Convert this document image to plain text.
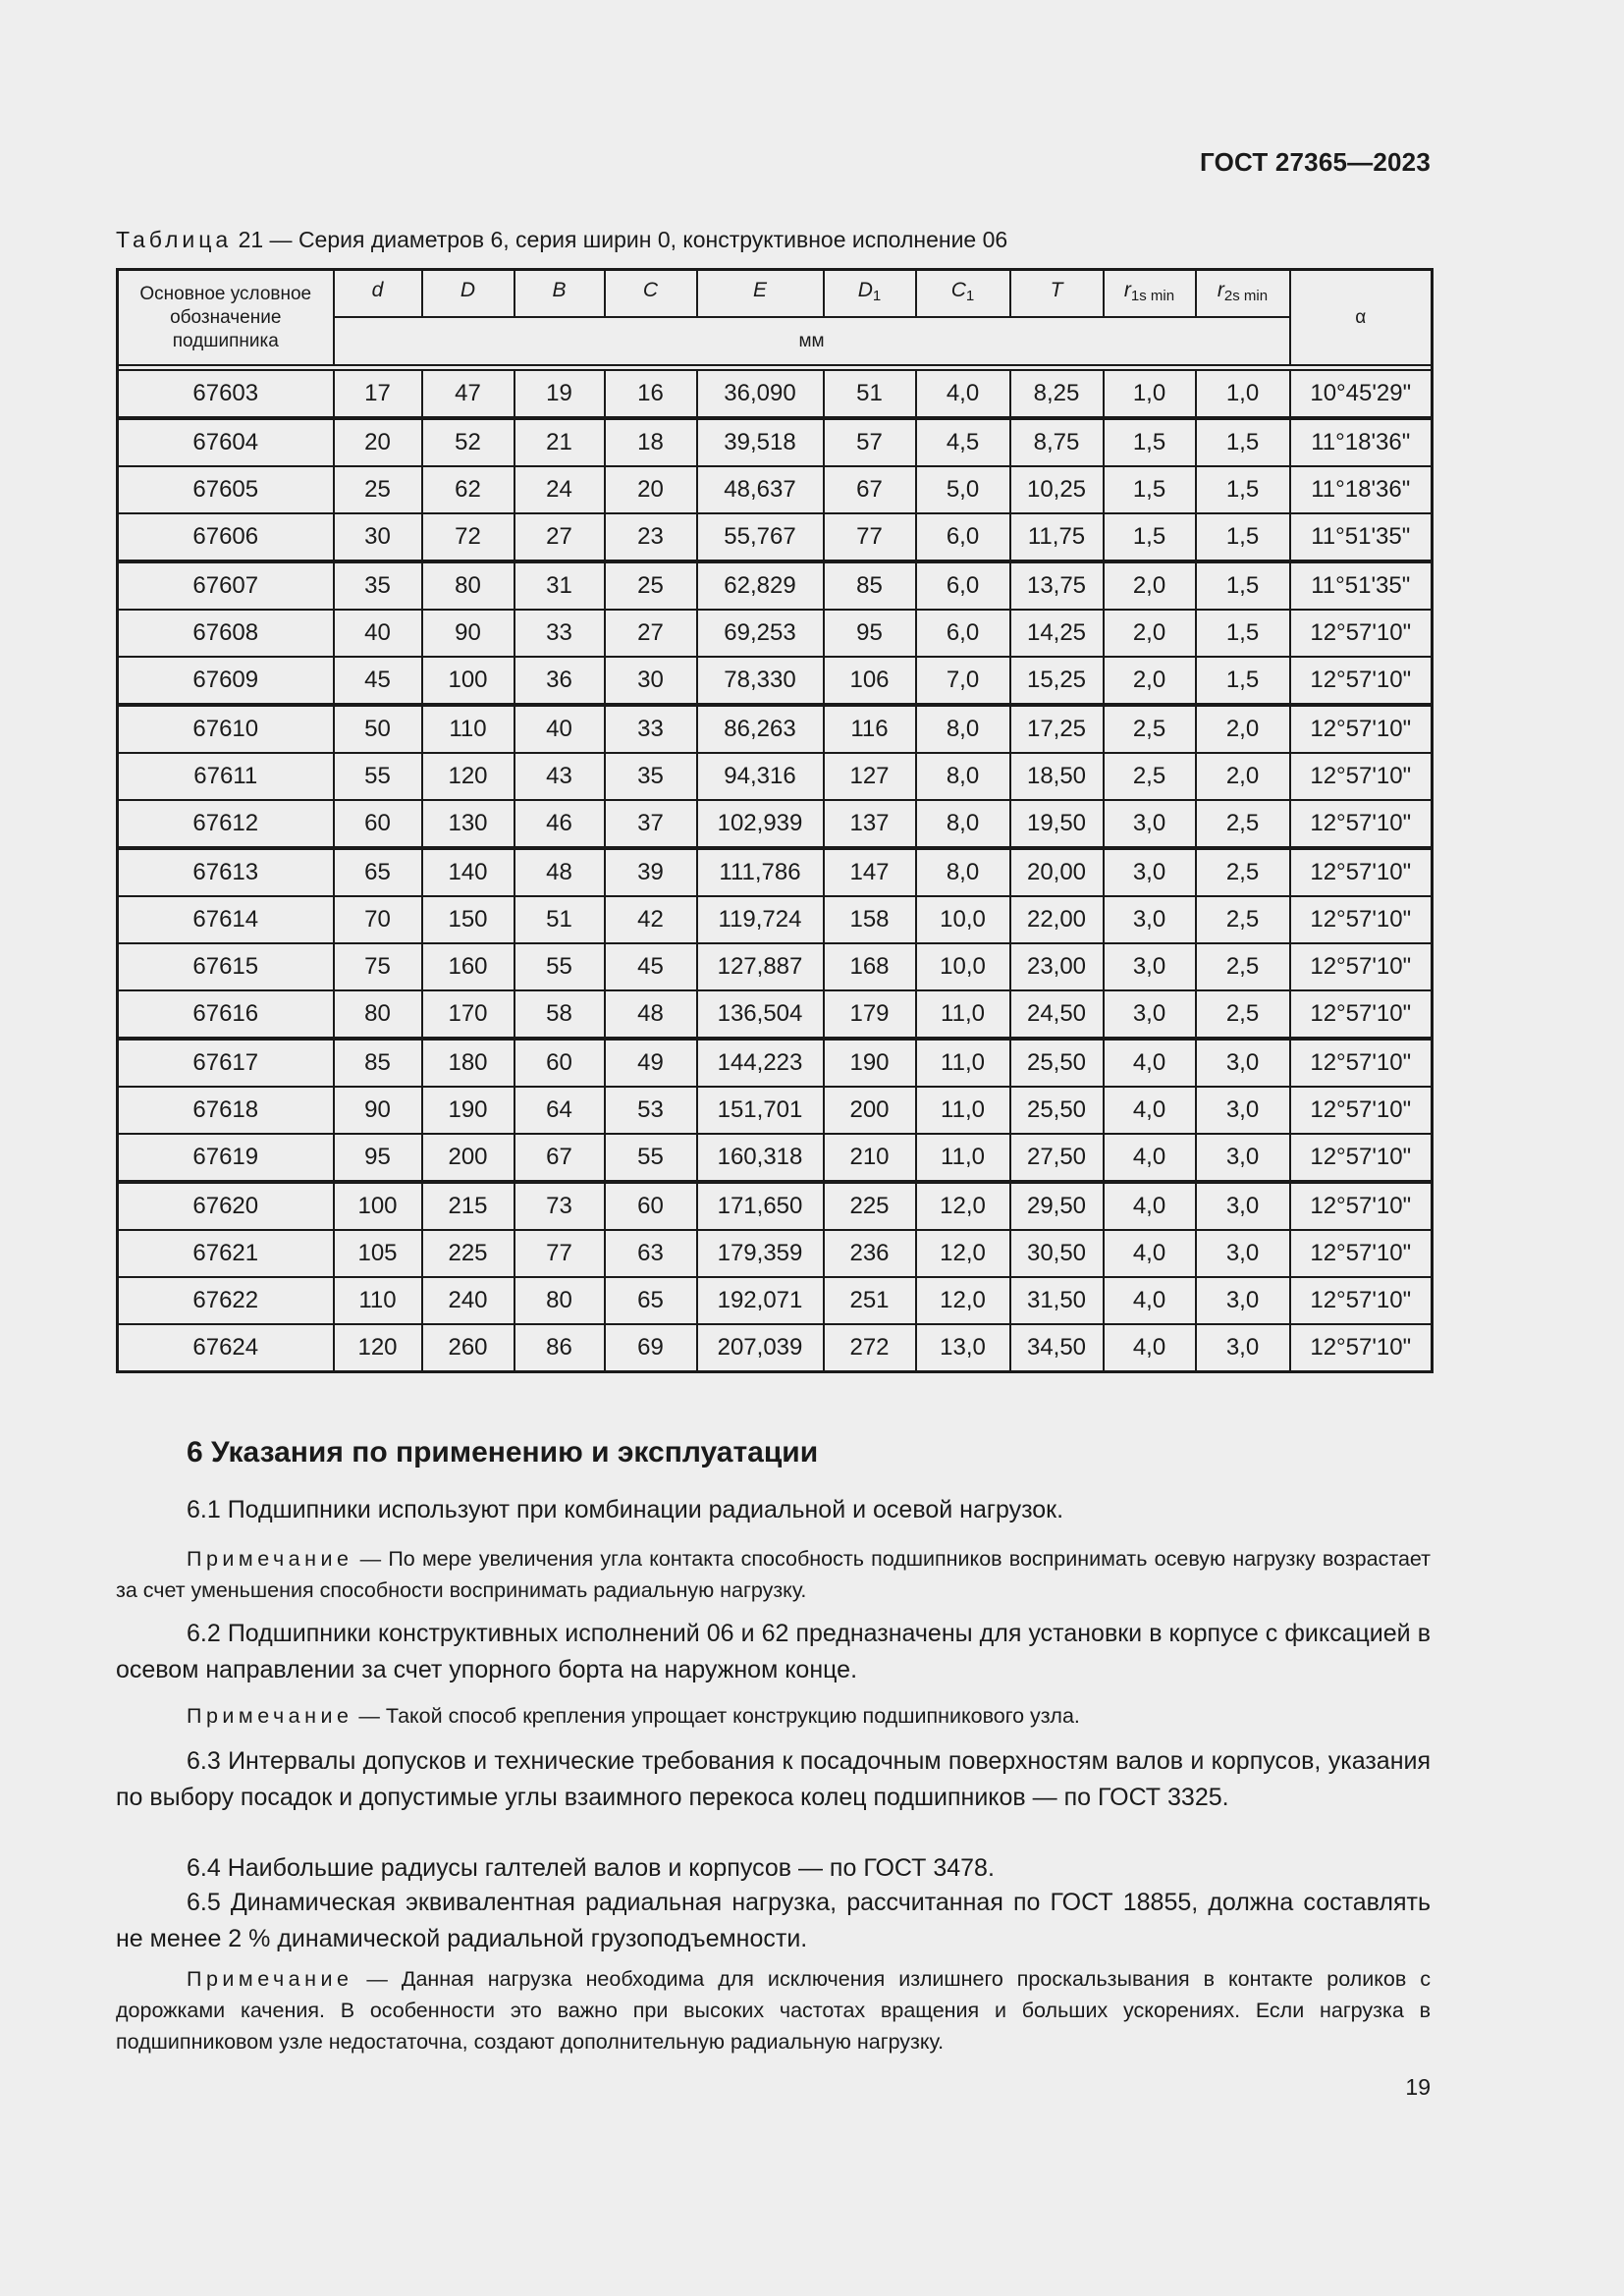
ГОСТ 27365—2023
Таблица 21 — Серия диаметров 6, серия ширин 0, конструктивное исполнение 06
Основное условное обозначение подшипника	d	D	B	C	E	$D_1$	$C_1$	T	$r_{1s min}$	$r_{2s min}$	α
	мм										

67603	17	47	19	16	36,090	51	4,0	8,25	1,0	1,0	10°45'29"
67604	20	52	21	18	39,518	57	4,5	8,75	1,5	1,5	11°18'36"
67605	25	62	24	20	48,637	67	5,0	10,25	1,5	1,5	11°18'36"
67606	30	72	27	23	55,767	77	6,0	11,75	1,5	1,5	11°51'35"
67607	35	80	31	25	62,829	85	6,0	13,75	2,0	1,5	11°51'35"
67608	40	90	33	27	69,253	95	6,0	14,25	2,0	1,5	12°57'10"
67609	45	100	36	30	78,330	106	7,0	15,25	2,0	1,5	12°57'10"
67610	50	110	40	33	86,263	116	8,0	17,25	2,5	2,0	12°57'10"
67611	55	120	43	35	94,316	127	8,0	18,50	2,5	2,0	12°57'10"
67612	60	130	46	37	102,939	137	8,0	19,50	3,0	2,5	12°57'10"
67613	65	140	48	39	111,786	147	8,0	20,00	3,0	2,5	12°57'10"
67614	70	150	51	42	119,724	158	10,0	22,00	3,0	2,5	12°57'10"
67615	75	160	55	45	127,887	168	10,0	23,00	3,0	2,5	12°57'10"
67616	80	170	58	48	136,504	179	11,0	24,50	3,0	2,5	12°57'10"
67617	85	180	60	49	144,223	190	11,0	25,50	4,0	3,0	12°57'10"
67618	90	190	64	53	151,701	200	11,0	25,50	4,0	3,0	12°57'10"
67619	95	200	67	55	160,318	210	11,0	27,50	4,0	3,0	12°57'10"
67620	100	215	73	60	171,650	225	12,0	29,50	4,0	3,0	12°57'10"
67621	105	225	77	63	179,359	236	12,0	30,50	4,0	3,0	12°57'10"
67622	110	240	80	65	192,071	251	12,0	31,50	4,0	3,0	12°57'10"
67624	120	260	86	69	207,039	272	13,0	34,50	4,0	3,0	12°57'10"
6 Указания по применению и эксплуатации
6.1 Подшипники используют при комбинации радиальной и осевой нагрузок.
Примечание — По мере увеличения угла контакта способность подшипников воспринимать осевую нагрузку возрастает за счет уменьшения способности воспринимать радиальную нагрузку.
6.2 Подшипники конструктивных исполнений 06 и 62 предназначены для установки в корпусе с фиксацией в осевом направлении за счет упорного борта на наружном конце.
Примечание — Такой способ крепления упрощает конструкцию подшипникового узла.
6.3 Интервалы допусков и технические требования к посадочным поверхностям валов и корпусов, указания по выбору посадок и допустимые углы взаимного перекоса колец подшипников — по ГОСТ 3325.
6.4 Наибольшие радиусы галтелей валов и корпусов — по ГОСТ 3478.
6.5 Динамическая эквивалентная радиальная нагрузка, рассчитанная по ГОСТ 18855, должна составлять не менее 2 % динамической радиальной грузоподъемности.
Примечание — Данная нагрузка необходима для исключения излишнего проскальзывания в контакте роликов с дорожками качения. В особенности это важно при высоких частотах вращения и больших ускорениях. Если нагрузка в подшипниковом узле недостаточна, создают дополнительную радиальную нагрузку.
19
